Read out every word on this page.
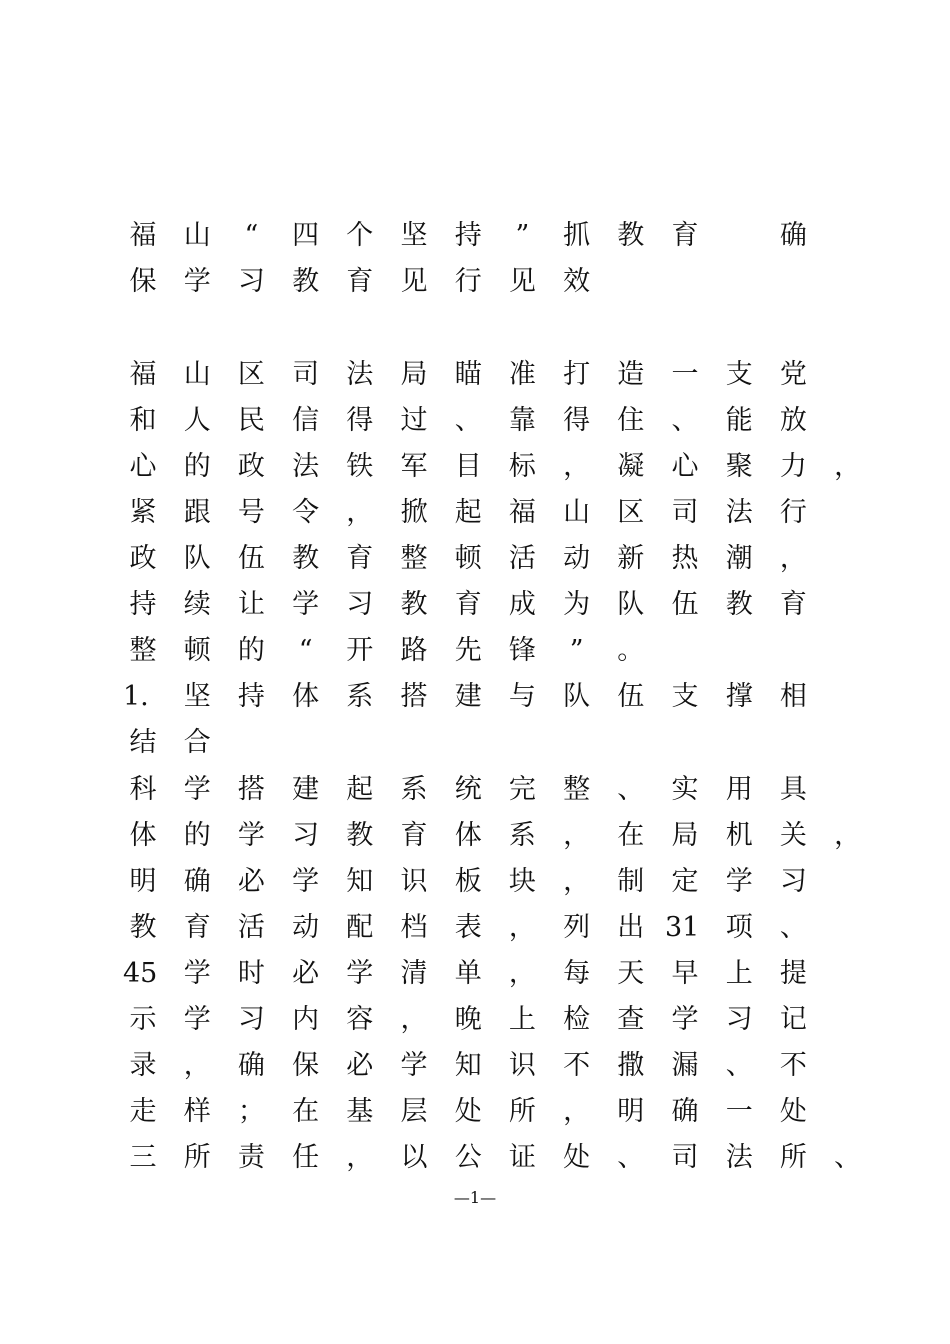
福 山	“	四 个 坚 持	”	抓 教 育	确
保 学 习 教 育 见 行 见 效
福 山 区 司 法 局 瞄 准 打 造 一 支 党
和 人 民 信 得 过 、 靠 得 住 、 能 放
心 的 政 法 铁 军 目 标 ， 凝 心 聚 力 ，
紧 跟 号 令 ， 掀 起 福 山 区 司 法 行
政 队 伍 教 育 整 顿 活 动 新 热 潮 ，
持 续 让 学 习 教 育 成 为 队 伍 教 育
整 顿 的	“	开 路 先 锋	”	。
1. 坚 持 体 系 搭 建 与 队 伍 支 撑 相
结 合
科 学 搭 建 起 系 统 完 整 、 实 用 具
体 的 学 习 教 育 体 系 ， 在 局 机 关 ，
明 确 必 学 知 识 板 块 ， 制 定 学 习
教 育 活 动 配 档 表 ， 列 出 31 项 、
45 学 时 必 学 清 单 ， 每 天 早 上 提
示 学 习 内 容 ， 晚 上 检 查 学 习 记
录 ， 确 保 必 学 知 识 不 撒 漏 、 不
走 样 ； 在 基 层 处 所 ， 明 确 一 处
三 所 责 任 ， 以 公 证 处 、 司 法 所 、
—1—
